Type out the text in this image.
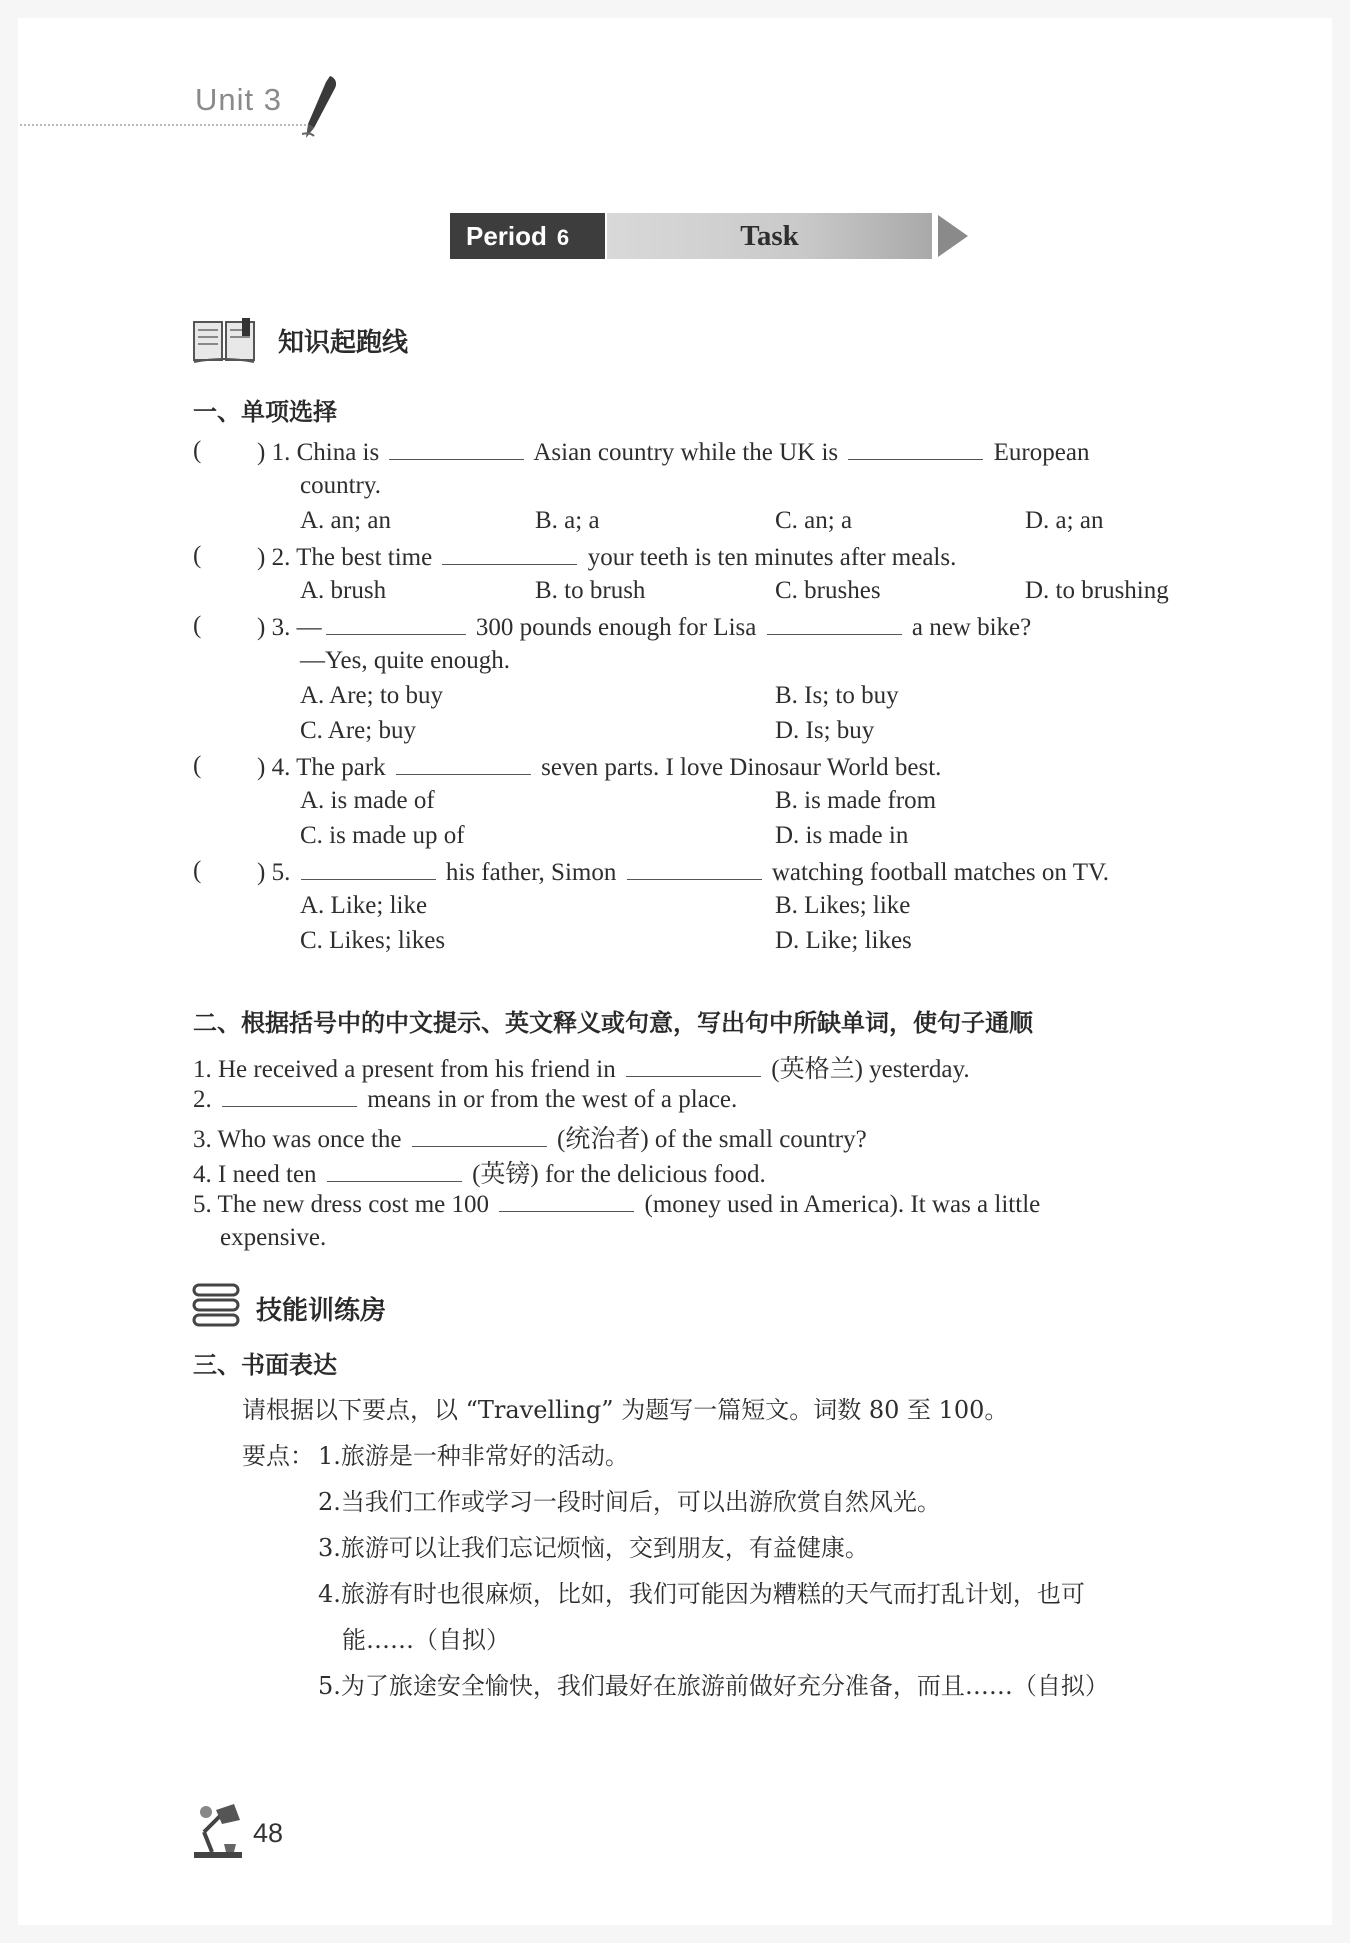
Unit 3
Period 6	Task
知识起跑线
一、单项选择
( ) 1. China is	Asian country while the UK is	European
country.
A. an; an	B. a; a	C. an; a	D. a; an
( ) 2. The best time	your teeth is ten minutes after meals.
A. brush	B. to brush	C. brushes	D. to brushing
( ) 3. —	300 pounds enough for Lisa	a new bike?
—Yes, quite enough.
A. Are; to buy	B. Is; to buy
C. Are; buy	D. Is; buy
( ) 4. The park	seven parts. I love Dinosaur World best.
A. is made of	B. is made from
C. is made up of	D. is made in
( ) 5.	his father, Simon	watching football matches on TV.
A. Like; like	B. Likes; like
C. Likes; likes	D. Like; likes
二、根据括号中的中文提示、英文释义或句意，写出句中所缺单词，使句子通顺
1. He received a present from his friend in	(英格兰) yesterday.
2.	means in or from the west of a place.
3. Who was once the	(统治者) of the small country?
4. I need ten	(英镑) for the delicious food.
5. The new dress cost me 100	(money used in America). It was a little
expensive.
技能训练房
三、书面表达
请根据以下要点，以 “Travelling” 为题写一篇短文。词数 80 至 100。
要点： 1.旅游是一种非常好的活动。
2.当我们工作或学习一段时间后，可以出游欣赏自然风光。
3.旅游可以让我们忘记烦恼，交到朋友，有益健康。
4.旅游有时也很麻烦，比如，我们可能因为糟糕的天气而打乱计划，也可
能……（自拟）
5.为了旅途安全愉快，我们最好在旅游前做好充分准备，而且……（自拟）
48
